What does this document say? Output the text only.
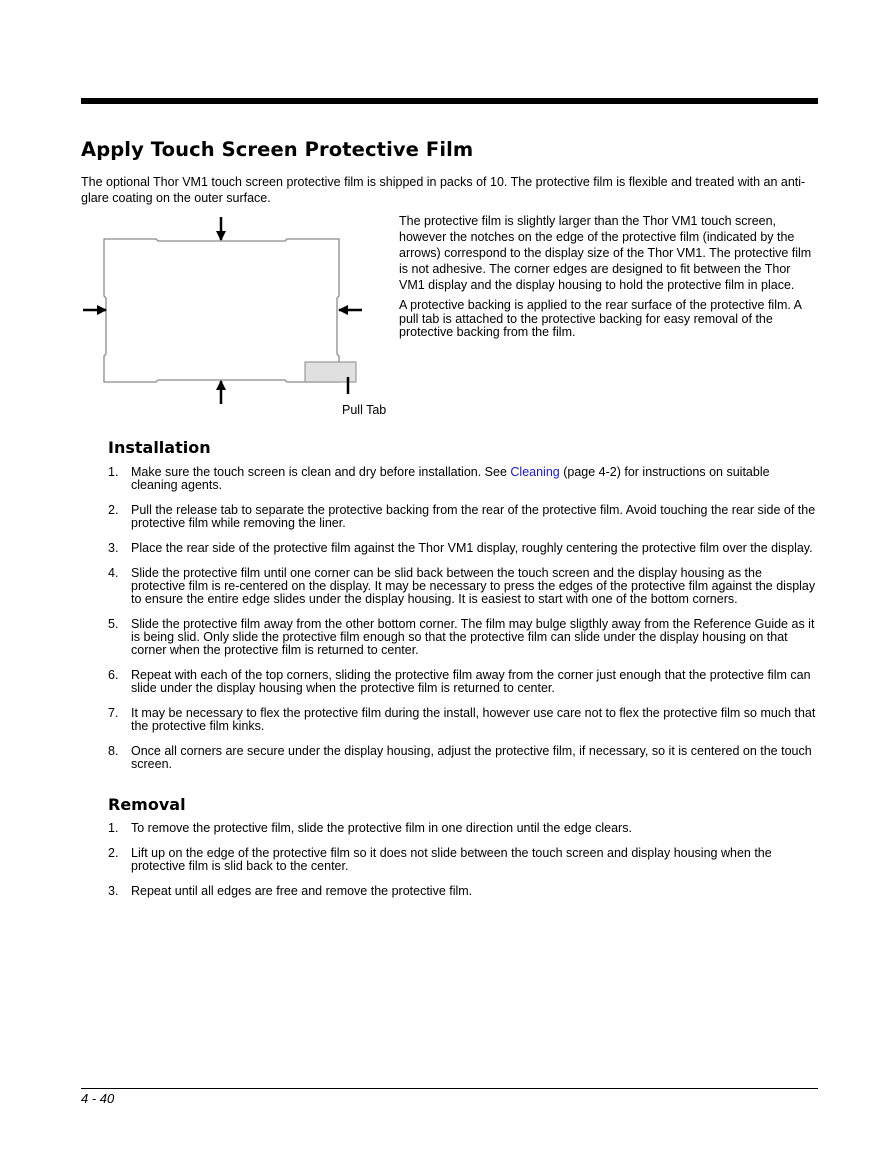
Apply Touch Screen Protective Film

The optional Thor VM1 touch screen protective film is shipped in packs of 10. The protective film is flexible and treated with an anti-glare coating on the outer surface.

Pull Tab

The protective film is slightly larger than the Thor VM1 touch screen, however the notches on the edge of the protective film (indicated by the arrows) correspond to the display size of the Thor VM1. The protective film is not adhesive. The corner edges are designed to fit between the Thor VM1 display and the display housing to hold the protective film in place.

A protective backing is applied to the rear surface of the protective film. A pull tab is attached to the protective backing for easy removal of the protective backing from the film.

Installation
1.	Make sure the touch screen is clean and dry before installation. See Cleaning (page 4-2) for instructions on suitable cleaning agents.
2.	Pull the release tab to separate the protective backing from the rear of the protective film. Avoid touching the rear side of the protective film while removing the liner.
3.	Place the rear side of the protective film against the Thor VM1 display, roughly centering the protective film over the display.
4.	Slide the protective film until one corner can be slid back between the touch screen and the display housing as the protective film is re-centered on the display. It may be necessary to press the edges of the protective film against the display to ensure the entire edge slides under the display housing. It is easiest to start with one of the bottom corners.
5.	Slide the protective film away from the other bottom corner. The film may bulge sligthly away from the Reference Guide as it is being slid. Only slide the protective film enough so that the protective film can slide under the display housing on that corner when the protective film is returned to center.
6.	Repeat with each of the top corners, sliding the protective film away from the corner just enough that the protective film can slide under the display housing when the protective film is returned to center.
7.	It may be necessary to flex the protective film during the install, however use care not to flex the protective film so much that the protective film kinks.
8.	Once all corners are secure under the display housing, adjust the protective film, if necessary, so it is centered on the touch screen.
Removal
1.	To remove the protective film, slide the protective film in one direction until the edge clears.
2.	Lift up on the edge of the protective film so it does not slide between the touch screen and display housing when the protective film is slid back to the center.
3.	Repeat until all edges are free and remove the protective film.
4 - 40
